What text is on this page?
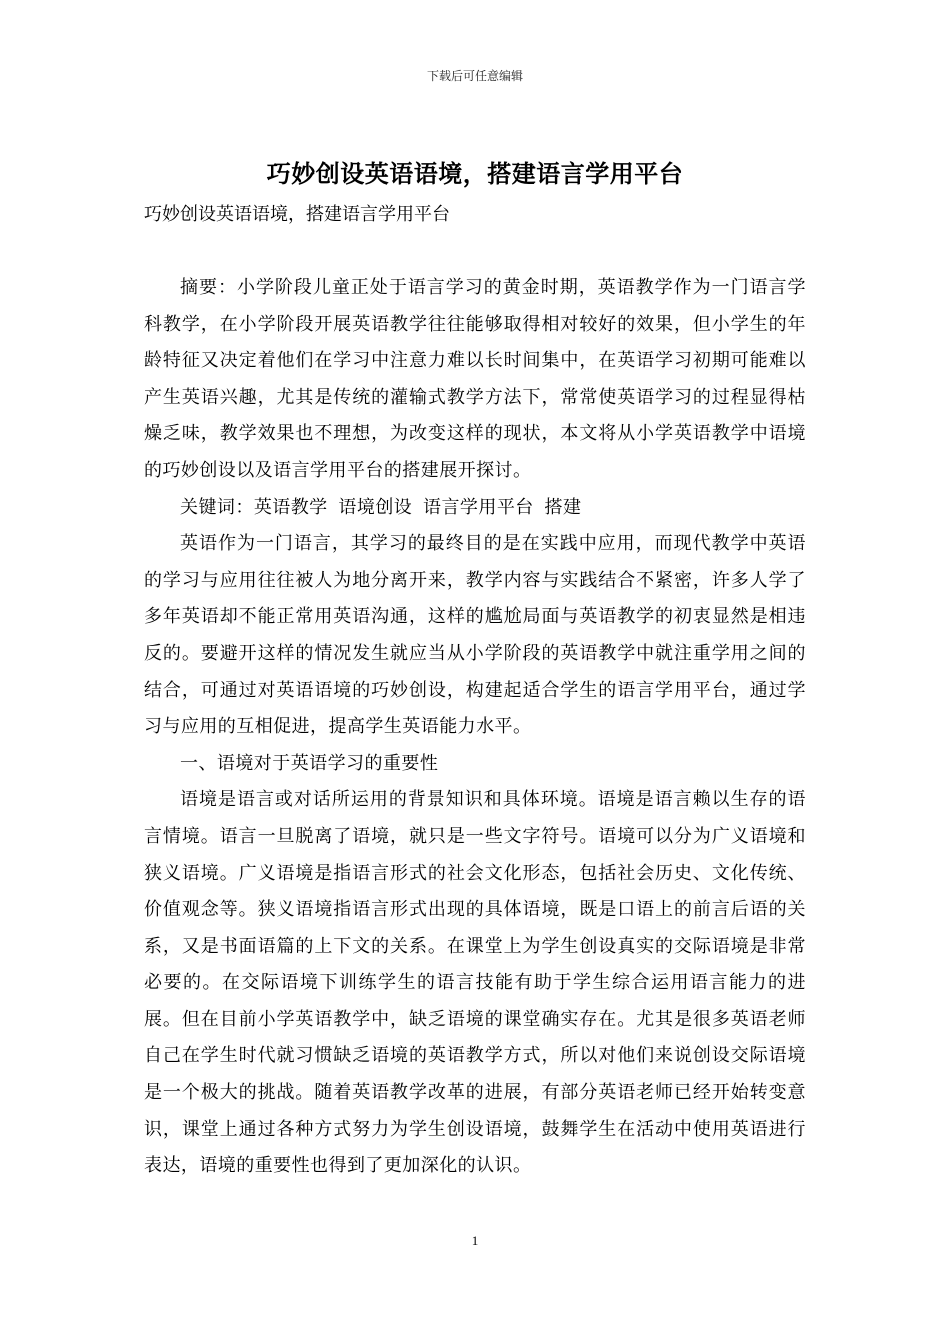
下载后可任意编辑
巧妙创设英语语境，搭建语言学用平台
巧妙创设英语语境，搭建语言学用平台

摘要：小学阶段儿童正处于语言学习的黄金时期，英语教学作为一门语言学科教学，在小学阶段开展英语教学往往能够取得相对较好的效果，但小学生的年龄特征又决定着他们在学习中注意力难以长时间集中，在英语学习初期可能难以产生英语兴趣，尤其是传统的灌输式教学方法下，常常使英语学习的过程显得枯燥乏味，教学效果也不理想，为改变这样的现状，本文将从小学英语教学中语境的巧妙创设以及语言学用平台的搭建展开探讨。

关键词：英语教学 语境创设 语言学用平台 搭建

英语作为一门语言，其学习的最终目的是在实践中应用，而现代教学中英语的学习与应用往往被人为地分离开来，教学内容与实践结合不紧密，许多人学了多年英语却不能正常用英语沟通，这样的尴尬局面与英语教学的初衷显然是相违反的。要避开这样的情况发生就应当从小学阶段的英语教学中就注重学用之间的结合，可通过对英语语境的巧妙创设，构建起适合学生的语言学用平台，通过学习与应用的互相促进，提高学生英语能力水平。

一、语境对于英语学习的重要性

语境是语言或对话所运用的背景知识和具体环境。语境是语言赖以生存的语言情境。语言一旦脱离了语境，就只是一些文字符号。语境可以分为广义语境和狭义语境。广义语境是指语言形式的社会文化形态，包括社会历史、文化传统、价值观念等。狭义语境指语言形式出现的具体语境，既是口语上的前言后语的关系，又是书面语篇的上下文的关系。在课堂上为学生创设真实的交际语境是非常必要的。在交际语境下训练学生的语言技能有助于学生综合运用语言能力的进展。但在目前小学英语教学中，缺乏语境的课堂确实存在。尤其是很多英语老师自己在学生时代就习惯缺乏语境的英语教学方式，所以对他们来说创设交际语境是一个极大的挑战。随着英语教学改革的进展，有部分英语老师已经开始转变意识，课堂上通过各种方式努力为学生创设语境，鼓舞学生在活动中使用英语进行表达，语境的重要性也得到了更加深化的认识。

1
